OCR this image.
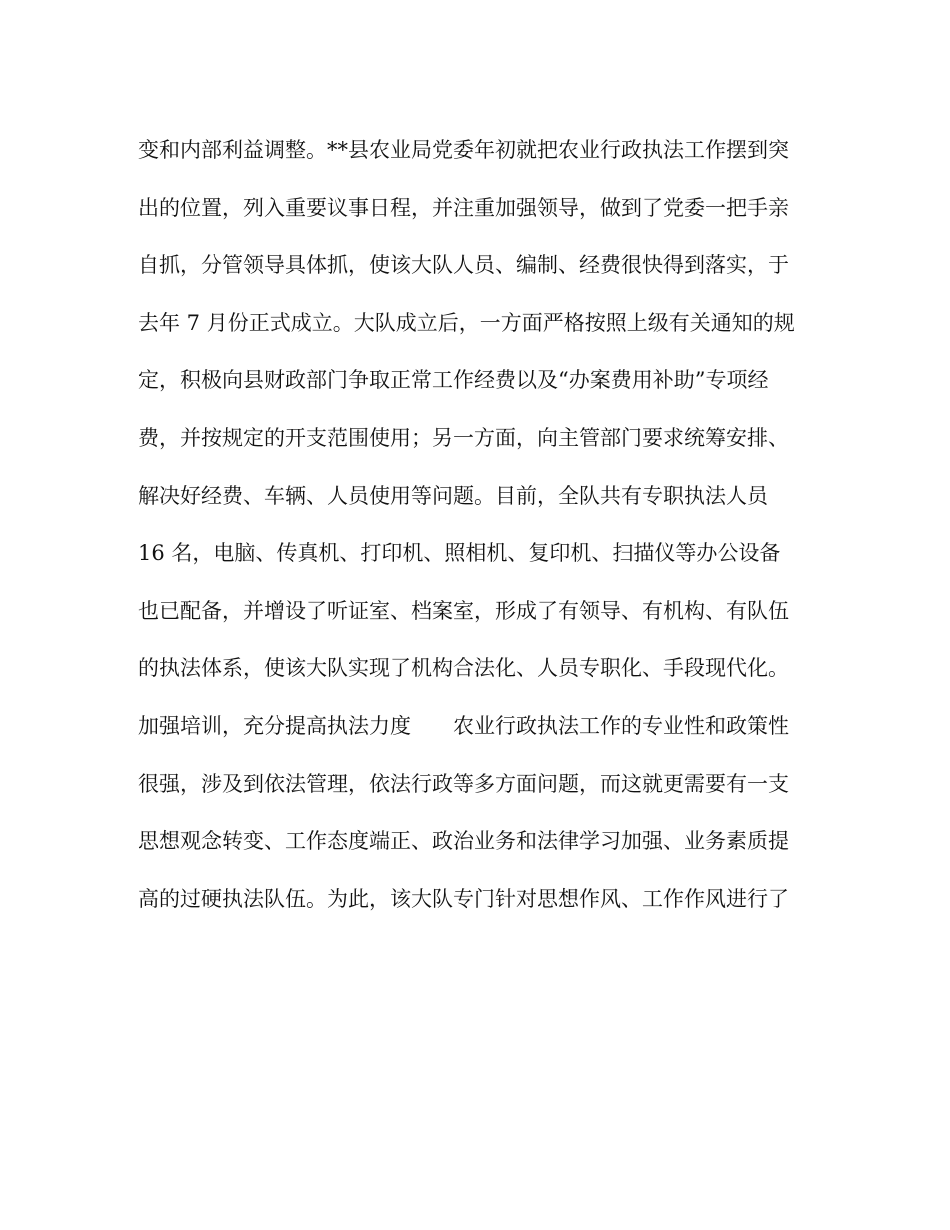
变和内部利益调整。**县农业局党委年初就把农业行政执法工作摆到突
出的位置，列入重要议事日程，并注重加强领导，做到了党委一把手亲
自抓，分管领导具体抓，使该大队人员、编制、经费很快得到落实，于
去年 7 月份正式成立。大队成立后，一方面严格按照上级有关通知的规
定，积极向县财政部门争取正常工作经费以及“办案费用补助”专项经
费，并按规定的开支范围使用；另一方面，向主管部门要求统筹安排、
解决好经费、车辆、人员使用等问题。目前，全队共有专职执法人员
16 名，电脑、传真机、打印机、照相机、复印机、扫描仪等办公设备
也已配备，并增设了听证室、档案室，形成了有领导、有机构、有队伍
的执法体系，使该大队实现了机构合法化、人员专职化、手段现代化。
加强培训，充分提高执法力度　　农业行政执法工作的专业性和政策性
很强，涉及到依法管理，依法行政等多方面问题，而这就更需要有一支
思想观念转变、工作态度端正、政治业务和法律学习加强、业务素质提
高的过硬执法队伍。为此，该大队专门针对思想作风、工作作风进行了
